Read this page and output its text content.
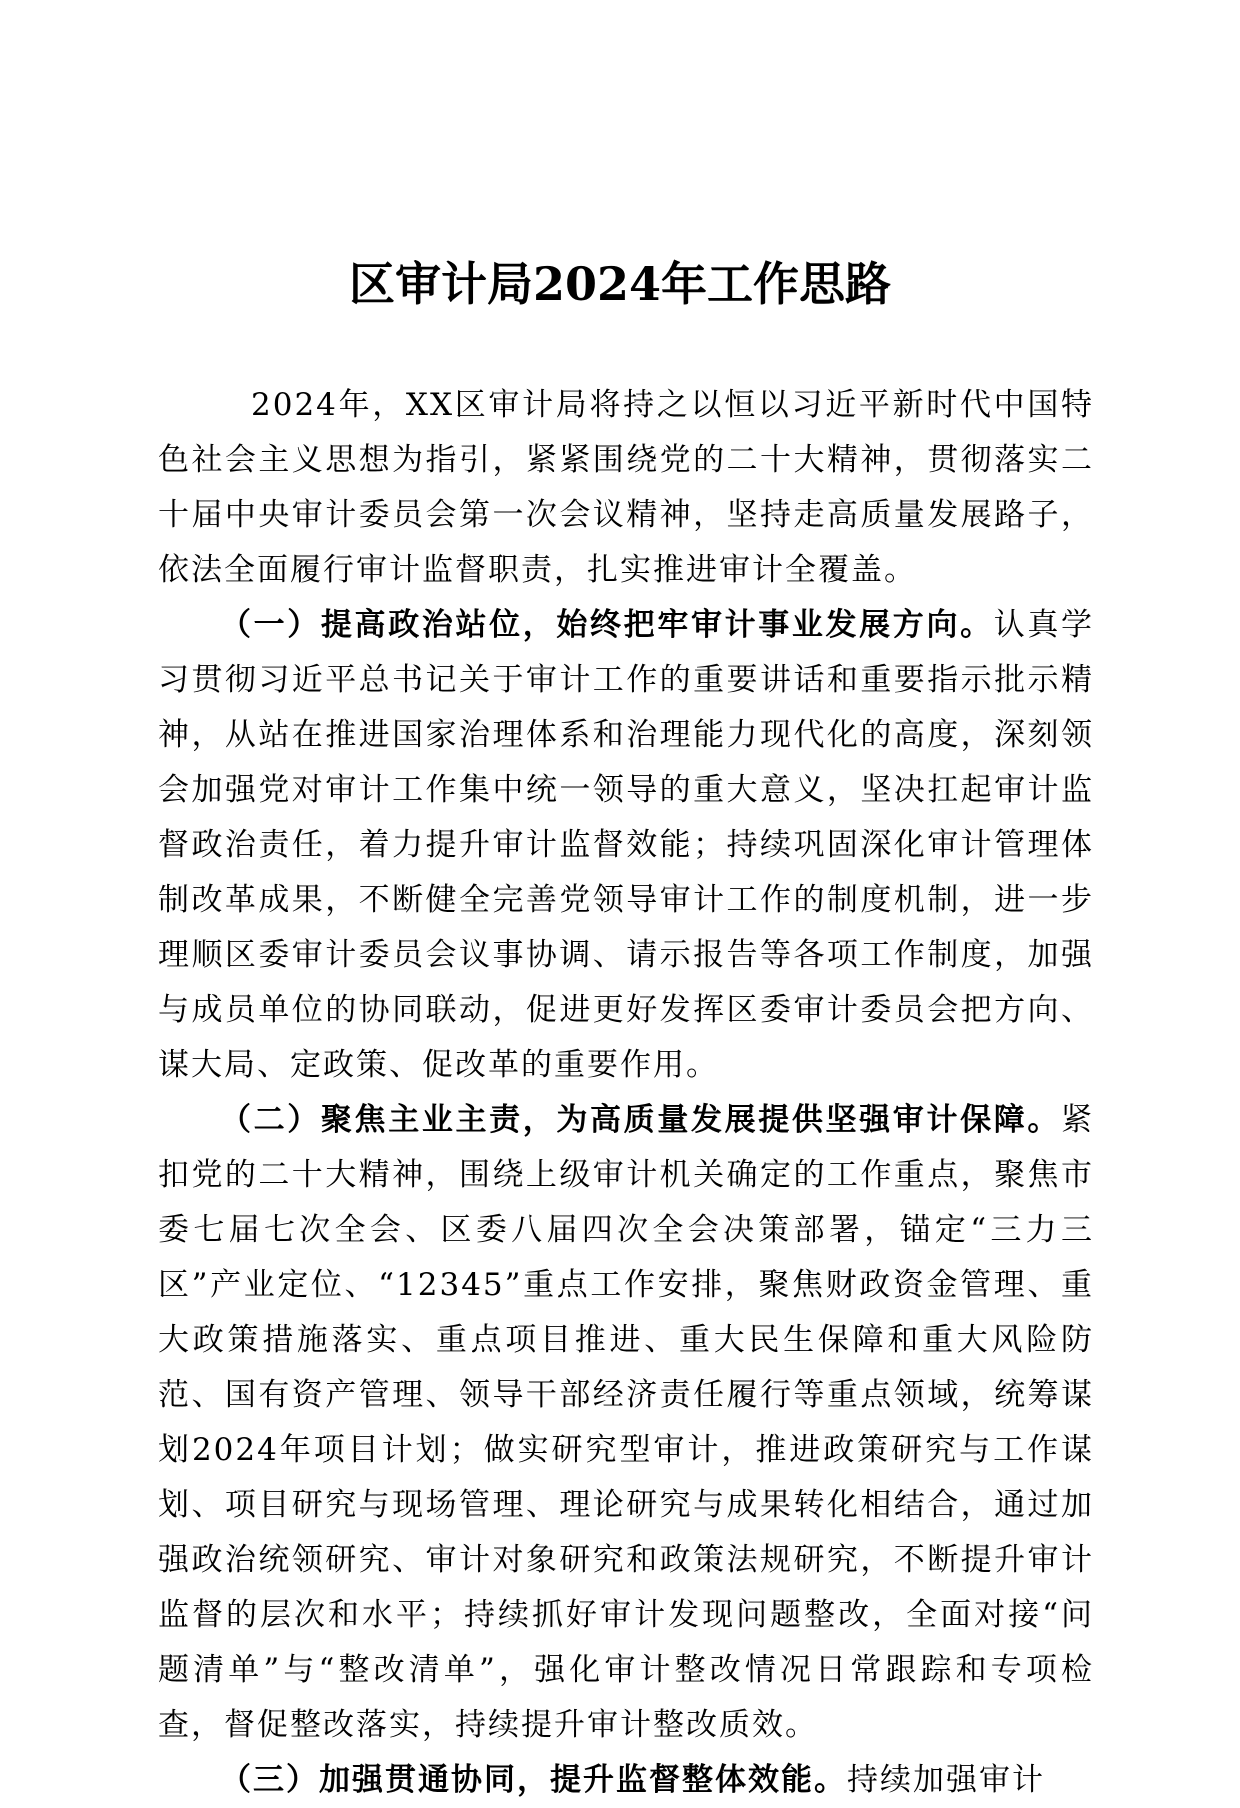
区审计局2024年工作思路

2024年，XX区审计局将持之以恒以习近平新时代中国特色社会主义思想为指引，紧紧围绕党的二十大精神，贯彻落实二十届中央审计委员会第一次会议精神，坚持走高质量发展路子，依法全面履行审计监督职责，扎实推进审计全覆盖。

（一）提高政治站位，始终把牢审计事业发展方向。认真学习贯彻习近平总书记关于审计工作的重要讲话和重要指示批示精神，从站在推进国家治理体系和治理能力现代化的高度，深刻领会加强党对审计工作集中统一领导的重大意义，坚决扛起审计监督政治责任，着力提升审计监督效能；持续巩固深化审计管理体制改革成果，不断健全完善党领导审计工作的制度机制，进一步理顺区委审计委员会议事协调、请示报告等各项工作制度，加强与成员单位的协同联动，促进更好发挥区委审计委员会把方向、谋大局、定政策、促改革的重要作用。

（二）聚焦主业主责，为高质量发展提供坚强审计保障。紧扣党的二十大精神，围绕上级审计机关确定的工作重点，聚焦市委七届七次全会、区委八届四次全会决策部署，锚定“三力三区”产业定位、“12345”重点工作安排，聚焦财政资金管理、重大政策措施落实、重点项目推进、重大民生保障和重大风险防范、国有资产管理、领导干部经济责任履行等重点领域，统筹谋划2024年项目计划；做实研究型审计，推进政策研究与工作谋划、项目研究与现场管理、理论研究与成果转化相结合，通过加强政治统领研究、审计对象研究和政策法规研究，不断提升审计监督的层次和水平；持续抓好审计发现问题整改，全面对接“问题清单”与“整改清单”，强化审计整改情况日常跟踪和专项检查，督促整改落实，持续提升审计整改质效。

（三）加强贯通协同，提升监督整体效能。持续加强审计
